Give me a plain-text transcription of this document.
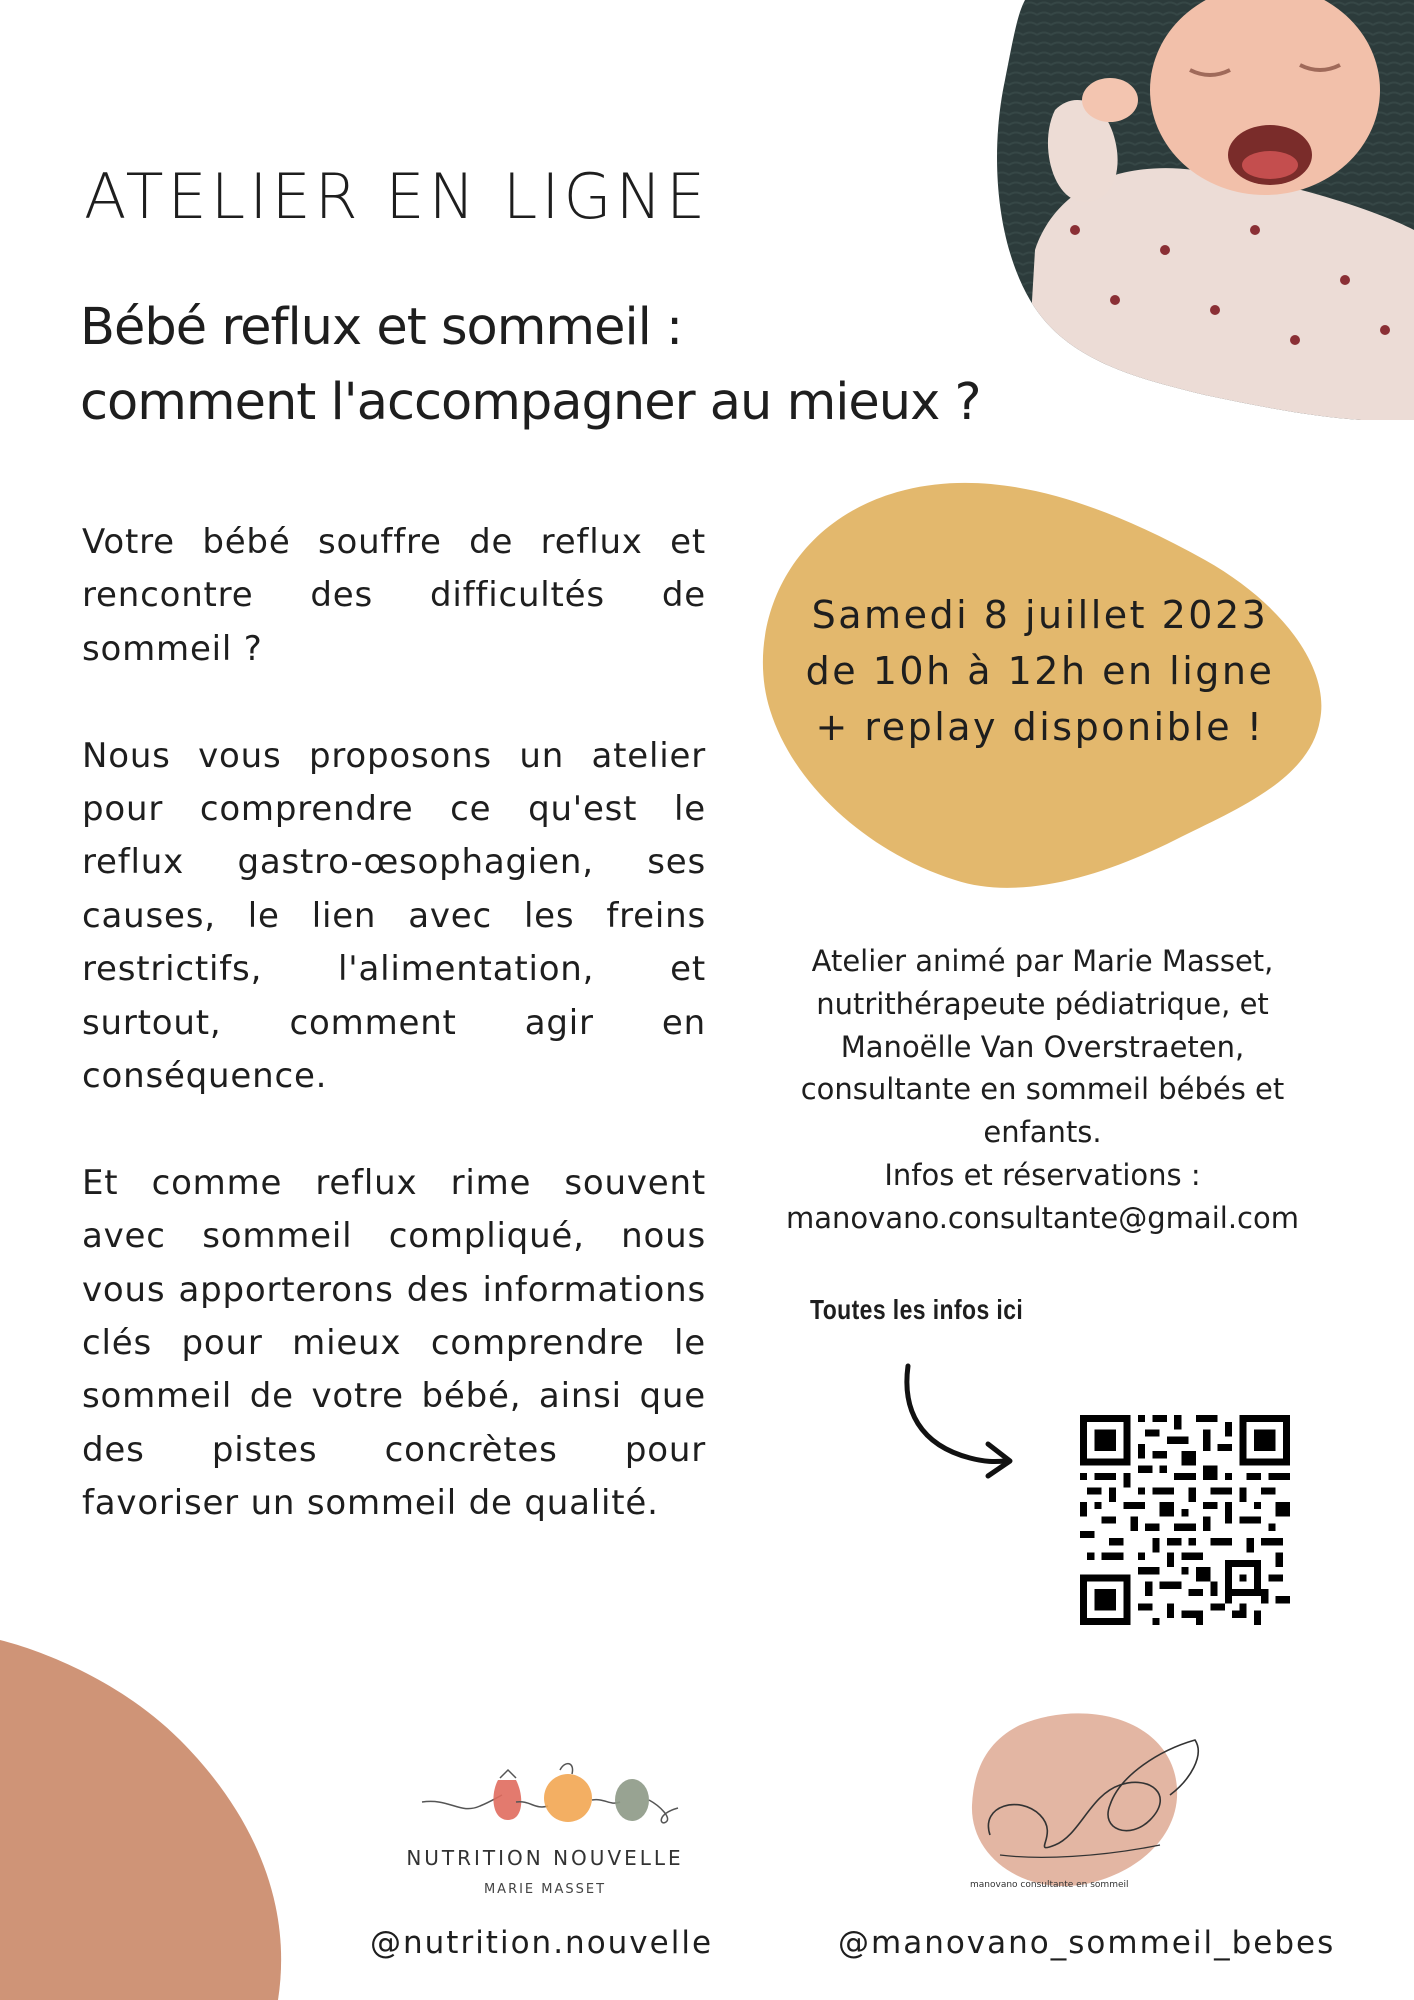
ATELIER EN LIGNE
Bébé reflux et sommeil :
comment l'accompagner au mieux ?

Votre bébé souffre de reflux et rencontre des difficultés de sommeil ?

Nous vous proposons un atelier pour comprendre ce qu'est le reflux gastro-œsophagien, ses causes, le lien avec les freins restrictifs, l'alimentation, et surtout, comment agir en conséquence.

Et comme reflux rime souvent avec sommeil compliqué, nous vous apporterons des informations clés pour mieux comprendre le sommeil de votre bébé, ainsi que des pistes concrètes pour favoriser un sommeil de qualité.

Samedi 8 juillet 2023
de 10h à 12h en ligne
+ replay disponible !
Atelier animé par Marie Masset,
nutrithérapeute pédiatrique, et
Manoëlle Van Overstraeten,
consultante en sommeil bébés et
enfants.
Infos et réservations :
manovano.consultante@gmail.com
Toutes les infos ici
NUTRITION NOUVELLE
MARIE MASSET	manovano consultante en sommeil
@nutrition.nouvelle	@manovano_sommeil_bebes
